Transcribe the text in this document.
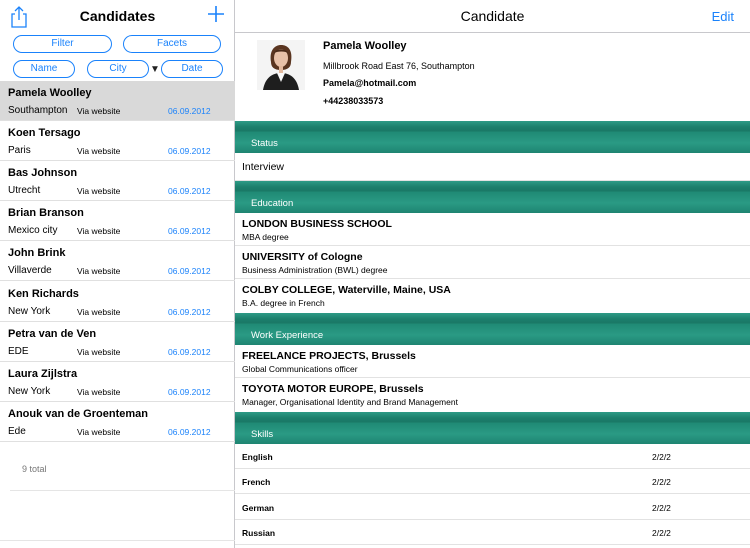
Candidates
Filter	Facets
Name	City	▼	Date
Pamela Woolley
Southampton Via website	06.09.2012
Koen Tersago
Paris	Via website	06.09.2012
Bas Johnson
Utrecht	Via website	06.09.2012
Brian Branson
Mexico city Via website	06.09.2012
John Brink
Villaverde	Via website	06.09.2012
Ken Richards
New York	Via website	06.09.2012
Petra van de Ven
EDE	Via website	06.09.2012
Laura Zijlstra
New York	Via website	06.09.2012
Anouk van de Groenteman
Ede	Via website	06.09.2012
9 total
Candidate	Edit
Pamela Woolley
Millbrook Road East 76, Southampton
Pamela@hotmail.com
+44238033573
Status
Interview
Education
LONDON BUSINESS SCHOOL
MBA degree
UNIVERSITY of Cologne
Business Administration (BWL) degree
COLBY COLLEGE, Waterville, Maine, USA
B.A. degree in French
Work Experience
FREELANCE PROJECTS, Brussels
Global Communications officer
TOYOTA MOTOR EUROPE, Brussels
Manager, Organisational Identity and Brand Management
Skills
English	2/2/2
French	2/2/2
German	2/2/2
Russian	2/2/2
